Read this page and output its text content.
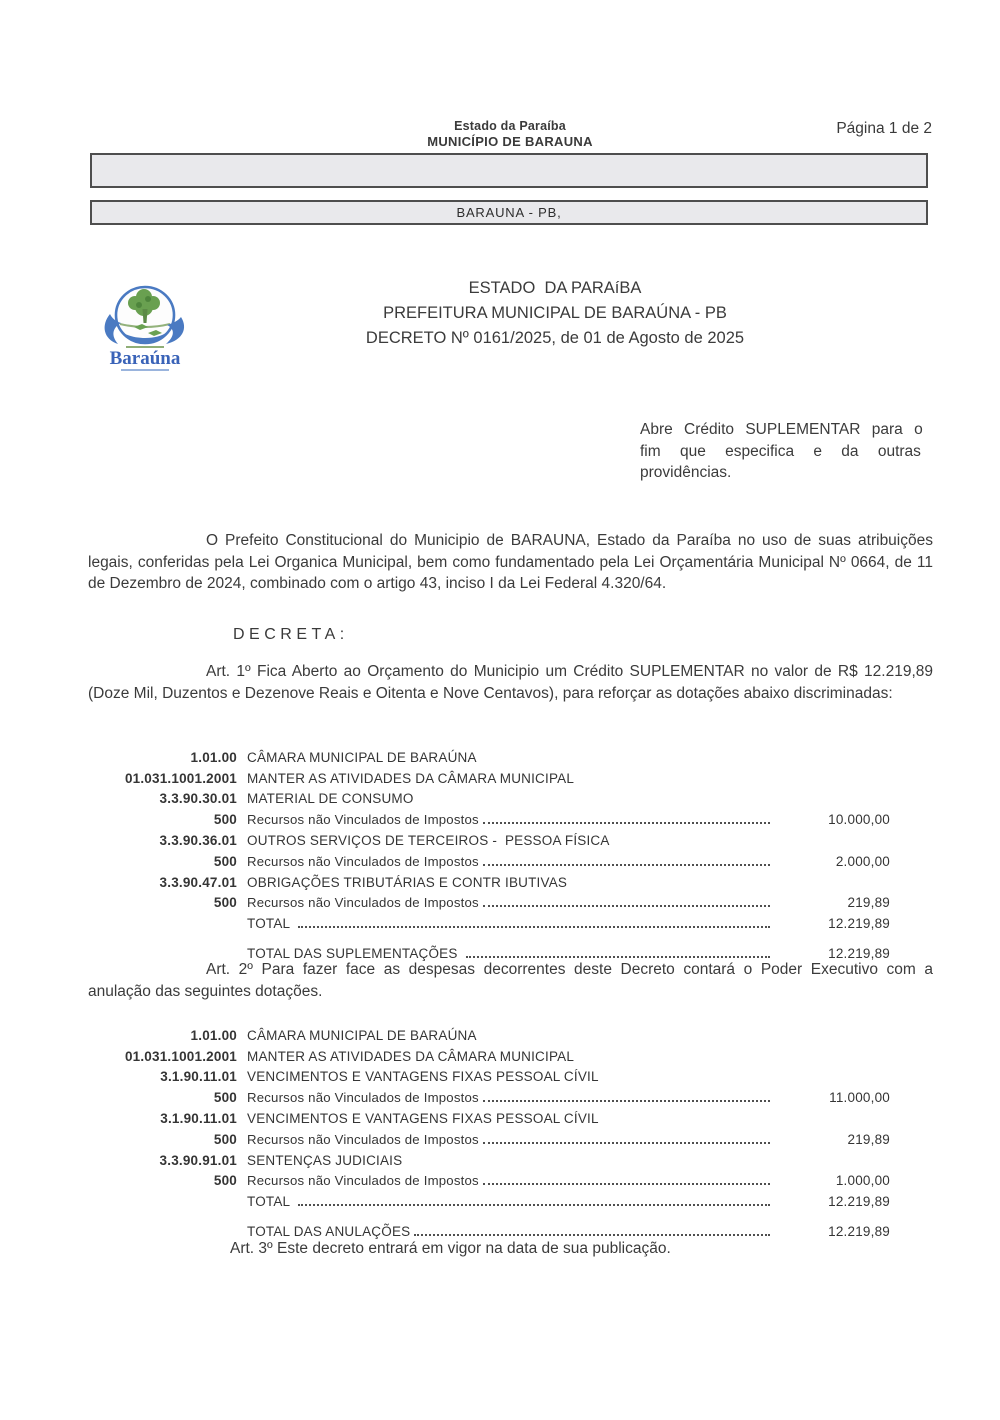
Estado da Paraíba
MUNICÍPIO DE BARAUNA
Página 1 de 2
BARAUNA - PB,
Baraúna
ESTADO  DA PARAíBA
PREFEITURA MUNICIPAL DE BARAÚNA - PB
DECRETO Nº 0161/2025, de 01 de Agosto de 2025
Abre Crédito SUPLEMENTAR para o
fim que especifica e da outras
providências.
O Prefeito Constitucional do Municipio de BARAUNA, Estado da Paraíba no uso de suas atribuições legais, conferidas pela Lei Organica Municipal, bem como fundamentado pela Lei Orçamentária Municipal Nº 0664, de 11 de Dezembro de 2024, combinado com o artigo 43, inciso I da Lei Federal 4.320/64.
DECRETA:
Art. 1º Fica Aberto ao Orçamento do Municipio um Crédito SUPLEMENTAR no valor de R$ 12.219,89 (Doze Mil, Duzentos e Dezenove Reais e Oitenta e Nove Centavos), para reforçar as dotações abaixo discriminadas:
1.01.00 CÂMARA MUNICIPAL DE BARAÚNA
01.031.1001.2001 MANTER AS ATIVIDADES DA CÂMARA MUNICIPAL
3.3.90.30.01 MATERIAL DE CONSUMO
500 Recursos não Vinculados de Impostos	10.000,00
3.3.90.36.01 OUTROS SERVIÇOS DE TERCEIROS -  PESSOA FÍSICA
500 Recursos não Vinculados de Impostos	2.000,00
3.3.90.47.01 OBRIGAÇÕES TRIBUTÁRIAS E CONTR IBUTIVAS
500 Recursos não Vinculados de Impostos	219,89
TOTAL	12.219,89
TOTAL DAS SUPLEMENTAÇÕES	12.219,89
Art. 2º Para fazer face as despesas decorrentes deste Decreto contará o Poder Executivo com a anulação das seguintes dotações.
1.01.00 CÂMARA MUNICIPAL DE BARAÚNA
01.031.1001.2001 MANTER AS ATIVIDADES DA CÂMARA MUNICIPAL
3.1.90.11.01 VENCIMENTOS E VANTAGENS FIXAS PESSOAL CÍVIL
500 Recursos não Vinculados de Impostos	11.000,00
3.1.90.11.01 VENCIMENTOS E VANTAGENS FIXAS PESSOAL CÍVIL
500 Recursos não Vinculados de Impostos	219,89
3.3.90.91.01 SENTENÇAS JUDICIAIS
500 Recursos não Vinculados de Impostos	1.000,00
TOTAL	12.219,89
TOTAL DAS ANULAÇÕES	12.219,89
Art. 3º Este decreto entrará em vigor na data de sua publicação.
